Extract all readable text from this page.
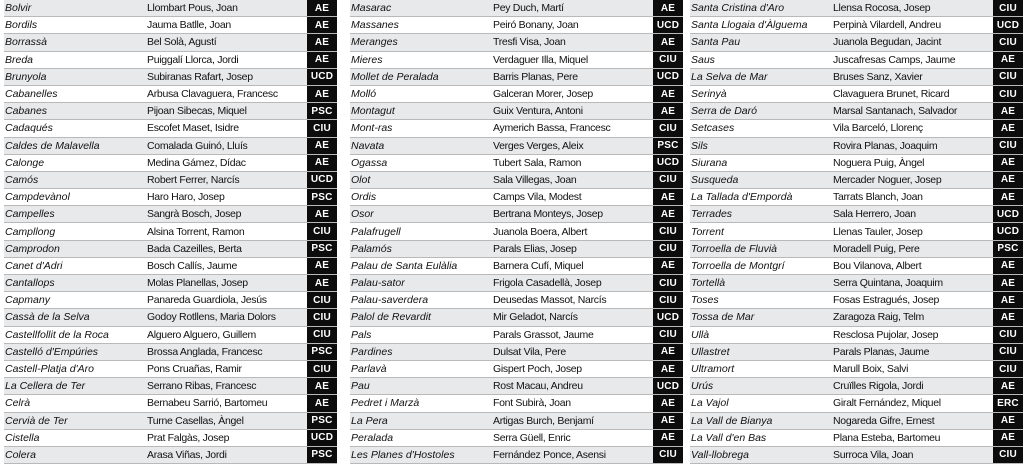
Bolvir	Llombart Pous, Joan	AE
Bordils	Jauma Batlle, Joan	AE
Borrassà	Bel Solà, Agustí	AE
Breda	Puiggalí Llorca, Jordi	AE
Brunyola	Subiranas Rafart, Josep	UCD
Cabanelles	Arbusa Clavaguera, Francesc	AE
Cabanes	Pijoan Sibecas, Miquel	PSC
Cadaqués	Escofet Maset, Isidre	CIU
Caldes de Malavella	Comalada Guinó, Lluís	AE
Calonge	Medina Gámez, Dídac	AE
Camós	Robert Ferrer, Narcís	UCD
Campdevànol	Haro Haro, Josep	PSC
Campelles	Sangrà Bosch, Josep	AE
Campllong	Alsina Torrent, Ramon	CIU
Camprodon	Bada Cazeilles, Berta	PSC
Canet d'Adri	Bosch Callís, Jaume	AE
Cantallops	Molas Planellas, Josep	AE
Capmany	Panareda Guardiola, Jesús	CIU
Cassà de la Selva	Godoy Rotllens, Maria Dolors	CIU
Castellfollit de la Roca	Alguero Alguero, Guillem	CIU
Castelló d'Empúries	Brossa Anglada, Francesc	PSC
Castell-Platja d'Aro	Pons Cruañas, Ramir	CIU
La Cellera de Ter	Serrano Ribas, Francesc	AE
Celrà	Bernabeu Sarrió, Bartomeu	AE
Cervià de Ter	Turne Casellas, Àngel	PSC
Cistella	Prat Falgàs, Josep	UCD
Colera	Arasa Viñas, Jordi	PSC
Masarac	Pey Duch, Martí	AE
Massanes	Peiró Bonany, Joan	UCD
Meranges	Tresfi Visa, Joan	AE
Mieres	Verdaguer Illa, Miquel	CIU
Mollet de Peralada	Barris Planas, Pere	UCD
Molló	Galceran Morer, Josep	AE
Montagut	Guix Ventura, Antoni	AE
Mont-ras	Aymerich Bassa, Francesc	CIU
Navata	Verges Verges, Aleix	PSC
Ogassa	Tubert Sala, Ramon	UCD
Olot	Sala Villegas, Joan	CIU
Ordis	Camps Vila, Modest	AE
Osor	Bertrana Monteys, Josep	AE
Palafrugell	Juanola Boera, Albert	CIU
Palamós	Parals Elias, Josep	CIU
Palau de Santa Eulàlia	Barnera Cufí, Miquel	AE
Palau-sator	Frigola Casadellà, Josep	CIU
Palau-saverdera	Deusedas Massot, Narcís	CIU
Palol de Revardit	Mir Geladot, Narcís	UCD
Pals	Parals Grassot, Jaume	CIU
Pardines	Dulsat Vila, Pere	AE
Parlavà	Gispert Poch, Josep	AE
Pau	Rost Macau, Andreu	UCD
Pedret i Marzà	Font Subirà, Joan	AE
La Pera	Artigas Burch, Benjamí	AE
Peralada	Serra Güell, Enric	AE
Les Planes d'Hostoles	Fernández Ponce, Asensi	CIU
Santa Cristina d'Aro	Llensa Rocosa, Josep	CIU
Santa Llogaia d'Àlguema	Perpinà Vilardell, Andreu	UCD
Santa Pau	Juanola Begudan, Jacint	CIU
Saus	Juscafresas Camps, Jaume	AE
La Selva de Mar	Bruses Sanz, Xavier	CIU
Serinyà	Clavaguera Brunet, Ricard	CIU
Serra de Daró	Marsal Santanach, Salvador	AE
Setcases	Vila Barceló, Llorenç	AE
Sils	Rovira Planas, Joaquim	CIU
Siurana	Noguera Puig, Àngel	AE
Susqueda	Mercader Noguer, Josep	AE
La Tallada d'Empordà	Tarrats Blanch, Joan	AE
Terrades	Sala Herrero, Joan	UCD
Torrent	Llenas Tauler, Josep	UCD
Torroella de Fluvià	Moradell Puig, Pere	PSC
Torroella de Montgrí	Bou Vilanova, Albert	AE
Tortellà	Serra Quintana, Joaquim	AE
Toses	Fosas Estragués, Josep	AE
Tossa de Mar	Zaragoza Raig, Telm	AE
Ullà	Resclosa Pujolar, Josep	CIU
Ullastret	Parals Planas, Jaume	CIU
Ultramort	Marull Boix, Salvi	CIU
Urús	Cruïlles Rigola, Jordi	AE
La Vajol	Giralt Fernández, Miquel	ERC
La Vall de Bianya	Nogareda Gifre, Ernest	AE
La Vall d'en Bas	Plana Esteba, Bartomeu	AE
Vall-llobrega	Surroca Vila, Joan	CIU
